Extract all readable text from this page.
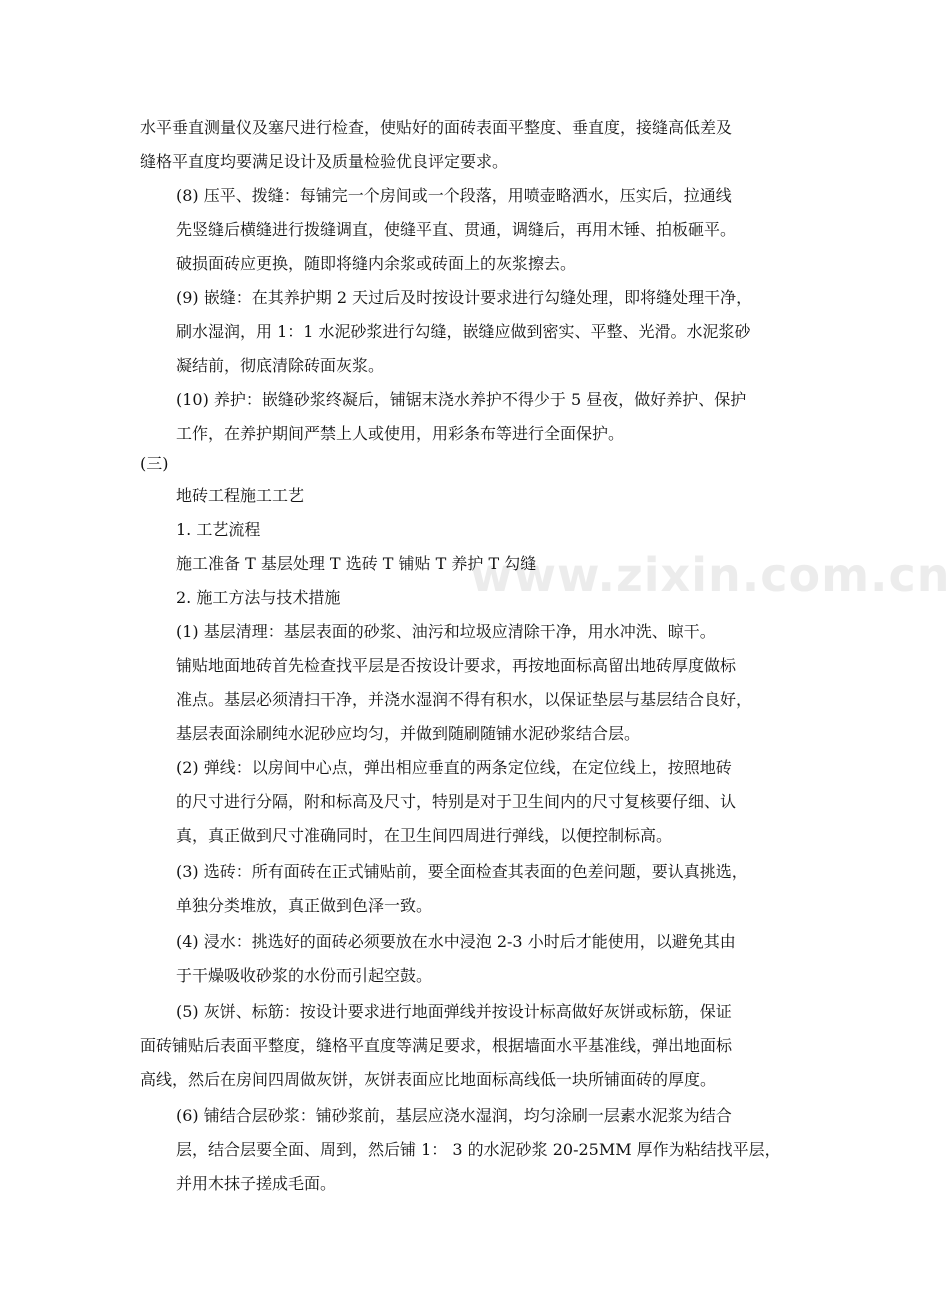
www.zixin.com.cn
水平垂直测量仪及塞尺进行检查，使贴好的面砖表面平整度、垂直度，接缝高低差及
缝格平直度均要满足设计及质量检验优良评定要求。
(8) 压平、拨缝：每铺完一个房间或一个段落，用喷壶略洒水，压实后，拉通线
先竖缝后横缝进行拨缝调直，使缝平直、贯通，调缝后，再用木锤、拍板砸平。
破损面砖应更换，随即将缝内余浆或砖面上的灰浆擦去。
(9) 嵌缝：在其养护期 2 天过后及时按设计要求进行勾缝处理，即将缝处理干净，
刷水湿润，用 1：1 水泥砂浆进行勾缝，嵌缝应做到密实、平整、光滑。水泥浆砂
凝结前，彻底清除砖面灰浆。
(10) 养护：嵌缝砂浆终凝后，铺锯末浇水养护不得少于 5 昼夜，做好养护、保护
工作，在养护期间严禁上人或使用，用彩条布等进行全面保护。
(三)
地砖工程施工工艺
1. 工艺流程
施工准备 T 基层处理 T 选砖 T 铺贴 T 养护 T 勾缝
2. 施工方法与技术措施
(1) 基层清理：基层表面的砂浆、油污和垃圾应清除干净，用水冲洗、晾干。
铺贴地面地砖首先检查找平层是否按设计要求，再按地面标高留出地砖厚度做标
准点。基层必须清扫干净，并浇水湿润不得有积水，以保证垫层与基层结合良好，
基层表面涂刷纯水泥砂应均匀，并做到随刷随铺水泥砂浆结合层。
(2) 弹线：以房间中心点，弹出相应垂直的两条定位线，在定位线上，按照地砖
的尺寸进行分隔，附和标高及尺寸，特别是对于卫生间内的尺寸复核要仔细、认
真，真正做到尺寸准确同时，在卫生间四周进行弹线，以便控制标高。
(3) 选砖：所有面砖在正式铺贴前，要全面检查其表面的色差问题，要认真挑选，
单独分类堆放，真正做到色泽一致。
(4) 浸水：挑选好的面砖必须要放在水中浸泡 2-3 小时后才能使用，以避免其由
于干燥吸收砂浆的水份而引起空鼓。
(5) 灰饼、标筋：按设计要求进行地面弹线并按设计标高做好灰饼或标筋，保证
面砖铺贴后表面平整度，缝格平直度等满足要求，根据墙面水平基准线，弹出地面标
高线，然后在房间四周做灰饼，灰饼表面应比地面标高线低一块所铺面砖的厚度。
(6) 铺结合层砂浆：铺砂浆前，基层应浇水湿润，均匀涂刷一层素水泥浆为结合
层，结合层要全面、周到，然后铺 1： 3 的水泥砂浆 20-25MM 厚作为粘结找平层，
并用木抹子搓成毛面。
